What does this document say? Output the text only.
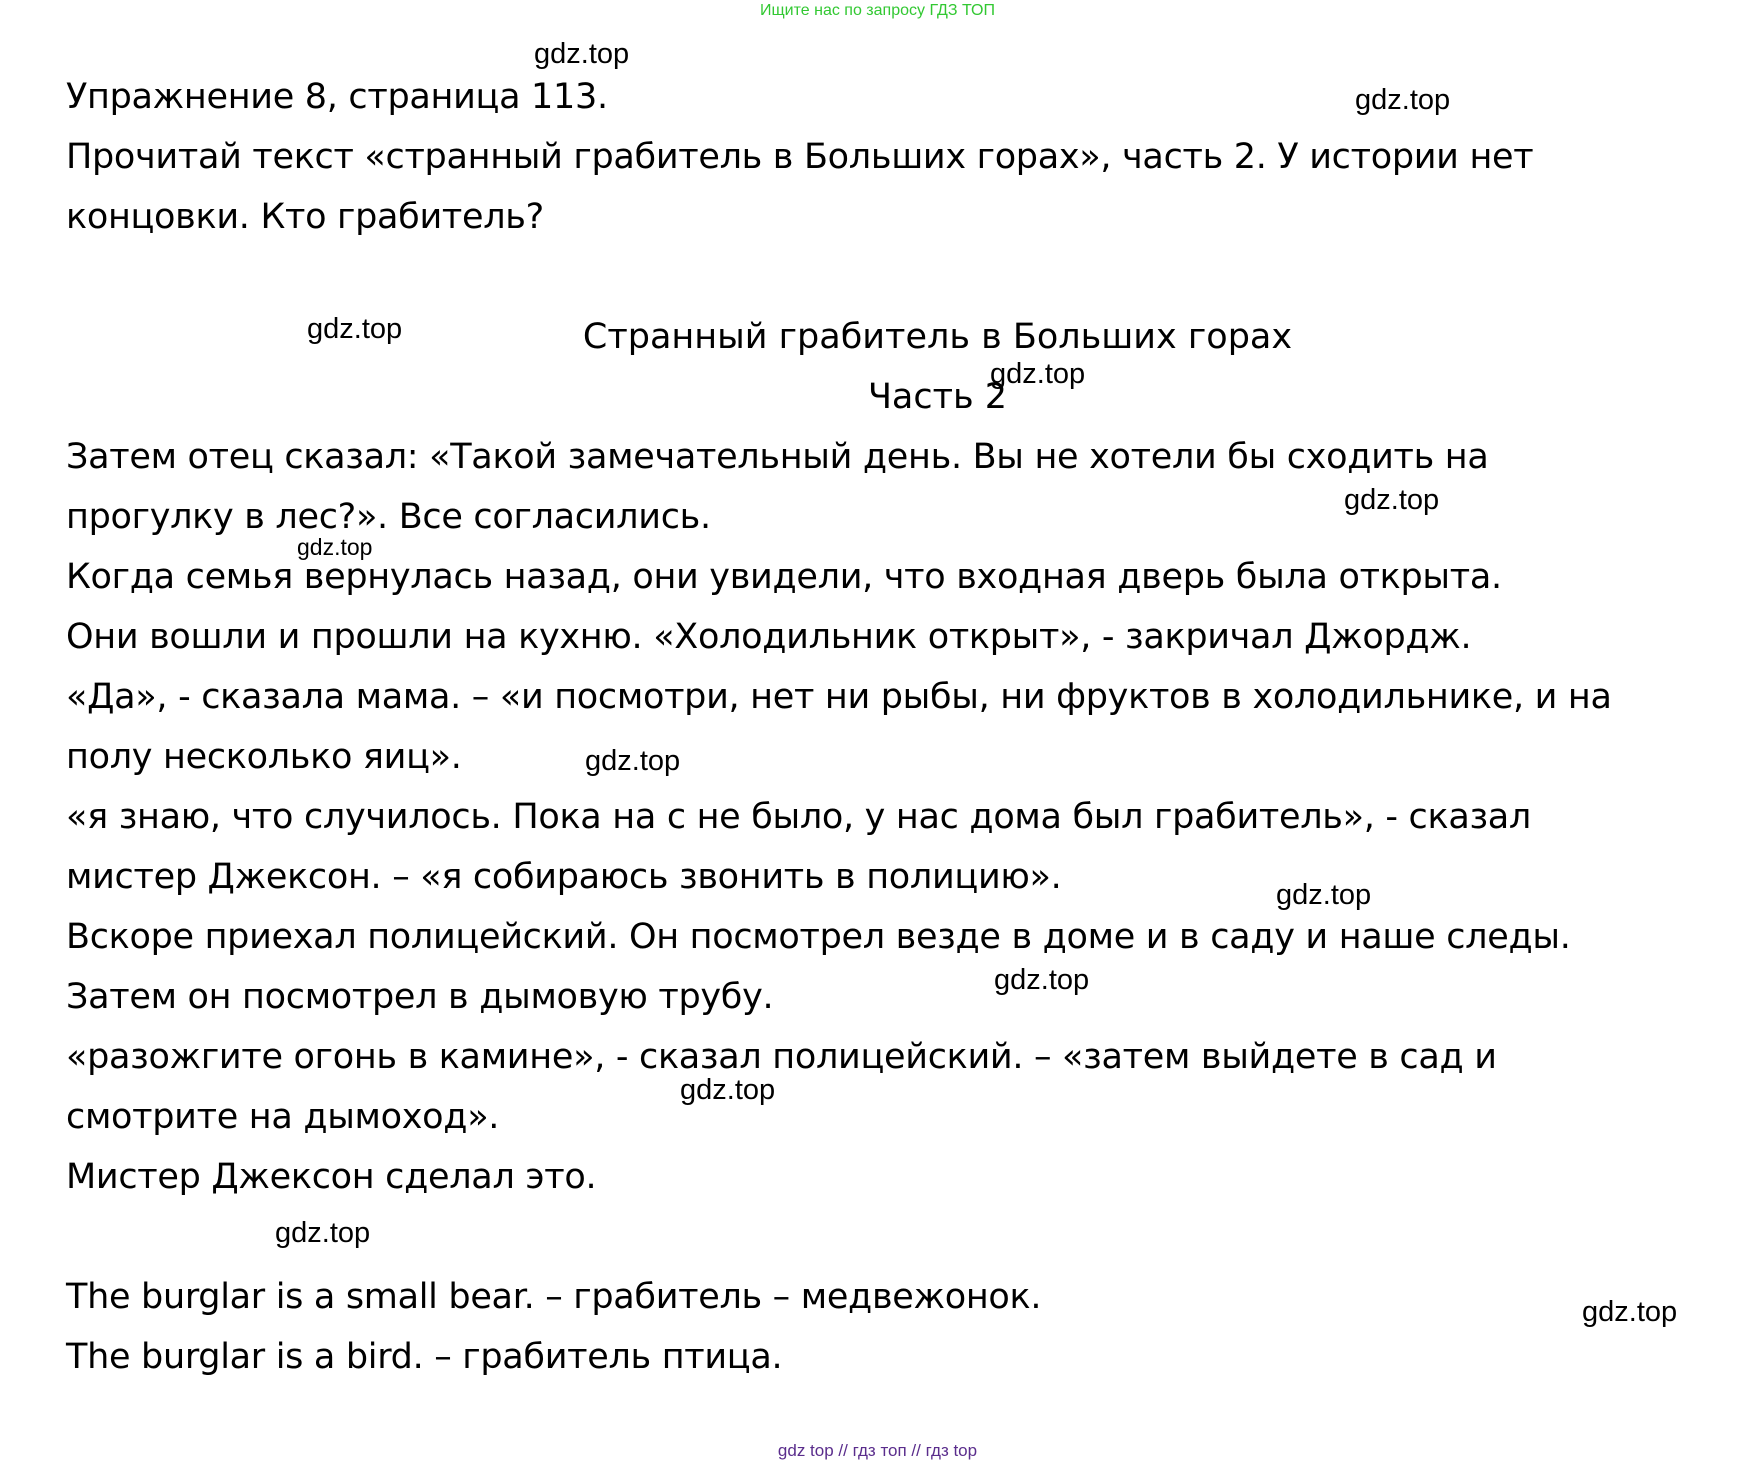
Ищите нас по запросу ГДЗ ТОП
Упражнение 8, страница 113.
Прочитай текст «странный грабитель в Больших горах», часть 2. У истории нет
концовки. Кто грабитель?
Странный грабитель в Больших горах
Часть 2
Затем отец сказал: «Такой замечательный день. Вы не хотели бы сходить на
прогулку в лес?». Все согласились.
Когда семья вернулась назад, они увидели, что входная дверь была открыта.
Они вошли и прошли на кухню. «Холодильник открыт», - закричал Джордж.
«Да», - сказала мама. – «и посмотри, нет ни рыбы, ни фруктов в холодильнике, и на
полу несколько яиц».
«я знаю, что случилось. Пока на с не было, у нас дома был грабитель», - сказал
мистер Джексон. – «я собираюсь звонить в полицию».
Вскоре приехал полицейский. Он посмотрел везде в доме и в саду и наше следы.
Затем он посмотрел в дымовую трубу.
«разожгите огонь в камине», - сказал полицейский. – «затем выйдете в сад и
смотрите на дымоход».
Мистер Джексон сделал это.
The burglar is a small bear. – грабитель – медвежонок.
The burglar is a bird. – грабитель птица.
gdz.top
gdz.top
gdz.top
gdz.top
gdz.top
gdz.top
gdz.top
gdz.top
gdz.top
gdz.top
gdz.top
gdz.top
gdz top // гдз топ // гдз top
